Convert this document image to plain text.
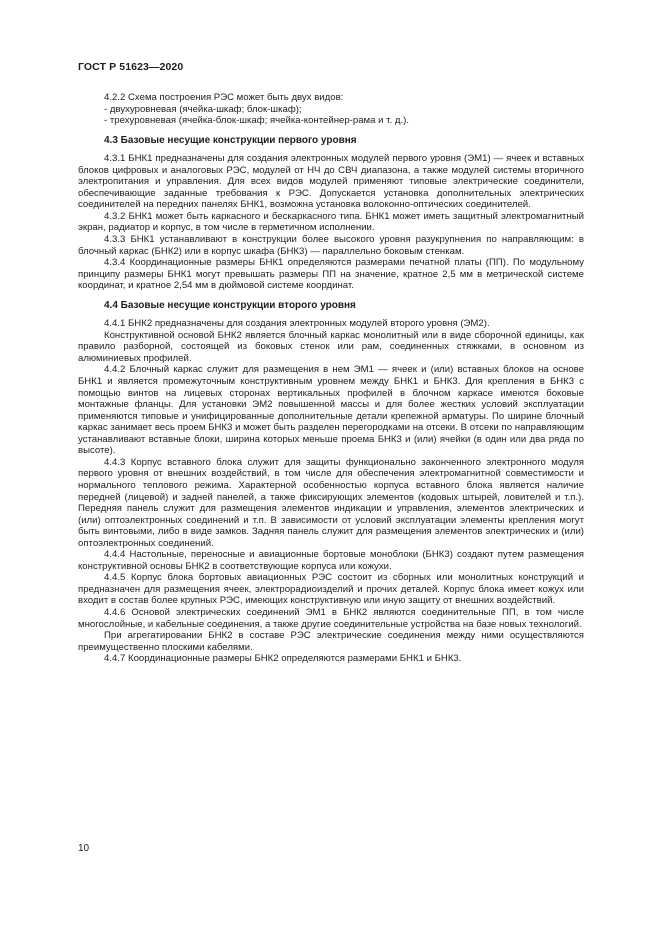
ГОСТ Р 51623—2020

4.2.2 Схема построения РЭС может быть двух видов:

- двухуровневая (ячейка-шкаф; блок-шкаф);

- трехуровневая (ячейка-блок-шкаф; ячейка-контейнер-рама и т. д.).

4.3 Базовые несущие конструкции первого уровня

4.3.1 БНК1 предназначены для создания электронных модулей первого уровня (ЭМ1) — ячеек и вставных блоков цифровых и аналоговых РЭС, модулей от НЧ до СВЧ диапазона, а также модулей системы вторичного электропитания и управления. Для всех видов модулей применяют типовые электрические соединители, обеспечивающие заданные требования к РЭС. Допускается установка дополнительных электрических соединителей на передних панелях БНК1, возможна установка волоконно-оптических соединителей.

4.3.2 БНК1 может быть каркасного и бескаркасного типа. БНК1 может иметь защитный электромагнитный экран, радиатор и корпус, в том числе в герметичном исполнении.

4.3.3 БНК1 устанавливают в конструкции более высокого уровня разукрупнения по направляющим: в блочный каркас (БНК2) или в корпус шкафа (БНК3) — параллельно боковым стенкам.

4.3.4 Координационные размеры БНК1 определяются размерами печатной платы (ПП). По модульному принципу размеры БНК1 могут превышать размеры ПП на значение, кратное 2,5 мм в метрической системе координат, и кратное 2,54 мм в дюймовой системе координат.

4.4 Базовые несущие конструкции второго уровня

4.4.1 БНК2 предназначены для создания электронных модулей второго уровня (ЭМ2).

Конструктивной основой БНК2 является блочный каркас монолитный или в виде сборочной единицы, как правило разборной, состоящей из боковых стенок или рам, соединенных стяжками, в основном из алюминиевых профилей.

4.4.2 Блочный каркас служит для размещения в нем ЭМ1 — ячеек и (или) вставных блоков на основе БНК1 и является промежуточным конструктивным уровнем между БНК1 и БНК3. Для крепления в БНК3 с помощью винтов на лицевых сторонах вертикальных профилей в блочном каркасе имеются боковые монтажные фланцы. Для установки ЭМ2 повышенной массы и для более жестких условий эксплуатации применяются типовые и унифицированные дополнительные детали крепежной арматуры. По ширине блочный каркас занимает весь проем БНК3 и может быть разделен перегородками на отсеки. В отсеки по направляющим устанавливают вставные блоки, ширина которых меньше проема БНК3 и (или) ячейки (в один или два ряда по высоте).

4.4.3 Корпус вставного блока служит для защиты функционально законченного электронного модуля первого уровня от внешних воздействий, в том числе для обеспечения электромагнитной совместимости и нормального теплового режима. Характерной особенностью корпуса вставного блока является наличие передней (лицевой) и задней панелей, а также фиксирующих элементов (кодовых штырей, ловителей и т.п.). Передняя панель служит для размещения элементов индикации и управления, элементов электрических и (или) оптоэлектронных соединений и т.п. В зависимости от условий эксплуатации элементы крепления могут быть винтовыми, либо в виде замков. Задняя панель служит для размещения элементов электрических и (или) оптоэлектронных соединений.

4.4.4 Настольные, переносные и авиационные бортовые моноблоки (БНК3) создают путем размещения конструктивной основы БНК2 в соответствующие корпуса или кожухи.

4.4.5 Корпус блока бортовых авиационных РЭС состоит из сборных или монолитных конструкций и предназначен для размещения ячеек, электрорадиоизделий и прочих деталей. Корпус блока имеет кожух или входит в состав более крупных РЭС, имеющих конструктивную или иную защиту от внешних воздействий.

4.4.6 Основой электрических соединений ЭМ1 в БНК2 являются соединительные ПП, в том числе многослойные, и кабельные соединения, а также другие соединительные устройства на базе новых технологий.

При агрегатировании БНК2 в составе РЭС электрические соединения между ними осуществляются преимущественно плоскими кабелями.

4.4.7 Координационные размеры БНК2 определяются размерами БНК1 и БНК3.

10
